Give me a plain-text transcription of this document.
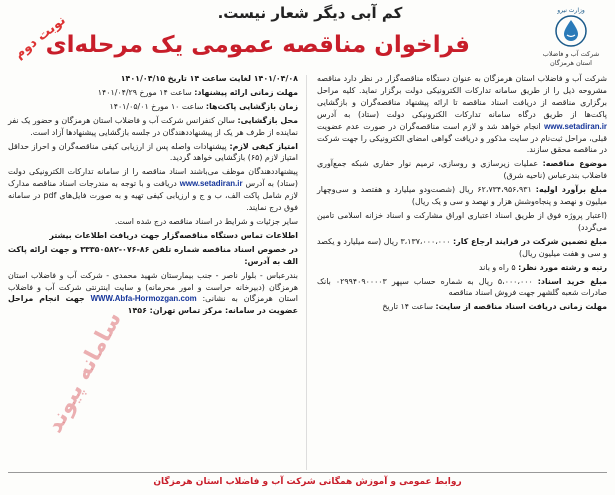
کم آبی دیگر شعار نیست.	وزارت نیرو
شرکت آب و فاضلاب استان هرمزگان
نوبت دوم
فراخوان مناقصه عمومی یک مرحله‌ای

شرکت آب و فاضلاب استان هرمزگان به عنوان دستگاه مناقصه‌گزار در نظر دارد مناقصه مشروحه ذیل را از طریق سامانه تدارکات الکترونیکی دولت برگزار نماید. کلیه مراحل برگزاری مناقصه از دریافت اسناد مناقصه تا ارائه پیشنهاد مناقصه‌گران و بازگشایی پاکت‌ها از طریق درگاه سامانه تدارکات الکترونیکی دولت (ستاد) به آدرس www.setadiran.ir انجام خواهد شد و لازم است مناقصه‌گران در صورت عدم عضویت قبلی، مراحل ثبت‌نام در سایت مذکور و دریافت گواهی امضای الکترونیکی را جهت شرکت در مناقصه محقق سازند.

موضوع مناقصه: عملیات زیرسازی و روسازی، ترمیم نوار حفاری شبکه جمع‌آوری فاضلاب بندرعباس (ناحیه شرق)

مبلغ برآورد اولیه: ۶۲،۷۳۴،۹۵۶،۹۳۱ ریال (شصت‌ودو میلیارد و هفتصد و سی‌وچهار میلیون و نهصد و پنجاه‌وشش هزار و نهصد و سی و یک ریال)

(اعتبار پروژه فوق از طریق اسناد اعتباری اوراق مشارکت و اسناد خزانه اسلامی تامین می‌گردد)

مبلغ تضمین شرکت در فرایند ارجاع کار: ۳،۱۳۷،۰۰۰،۰۰۰ ریال (سه میلیارد و یکصد و سی و هفت میلیون ریال)

رتبه و رشته مورد نظر: ۵ راه و باند

مبلغ خرید اسناد: ۵،۰۰۰،۰۰۰ ریال به شماره حساب سپهر ۰۲۹۹۴۰۹۰۰۰۰۳ بانک صادرات شعبه گلشهر جهت فروش اسناد مناقصه

مهلت زمانی دریافت اسناد مناقصه از سایت: ساعت ۱۴ تاریخ

۱۴۰۱/۰۴/۰۸ لغایت ساعت ۱۴ تاریخ ۱۴۰۱/۰۴/۱۵

مهلت زمانی ارائه پیشنهاد: ساعت ۱۴ مورخ ۱۴۰۱/۰۴/۲۹

زمان بازگشایی پاکت‌ها: ساعت ۱۰ مورخ ۱۴۰۱/۰۵/۰۱

محل بازگشایی: سالن کنفرانس شرکت آب و فاضلاب استان هرمزگان و حضور یک نفر نماینده از طرف هر یک از پیشنهاددهندگان در جلسه بازگشایی پیشنهادها آزاد است.

امتیاز کیفی لازم: پیشنهادات واصله پس از ارزیابی کیفی مناقصه‌گران و احراز حداقل امتیاز لازم (۶۵) بازگشایی خواهد گردید.

پیشنهاددهندگان موظف می‌باشند اسناد مناقصه را از سامانه تدارکات الکترونیکی دولت (ستاد) به آدرس www.setadiran.ir دریافت و با توجه به مندرجات اسناد مناقصه مدارک لازم شامل پاکت الف، ب و ج و ارزیابی کیفی تهیه و به صورت فایل‌های pdf در سامانه فوق درج نمایند.

سایر جزئیات و شرایط در اسناد مناقصه درج شده است.

اطلاعات تماس دستگاه مناقصه‌گزار جهت دریافت اطلاعات بیشتر

در خصوص اسناد مناقصه شماره تلفن ۸۶-۰۷۶-۳۳۳۵۰۵۸۲ و جهت ارائه پاکت الف به آدرس:

بندرعباس - بلوار ناصر - جنب بیمارستان شهید محمدی - شرکت آب و فاضلاب استان هرمزگان (دبیرخانه حراست و امور محرمانه) و سایت اینترنتی شرکت آب و فاضلاب استان هرمزگان به نشانی: WWW.Abfa-Hormozgan.com جهت انجام مراحل عضویت در سامانه: مرکز تماس تهران: ۱۴۵۶

سامانه پیوند
روابط عمومی و آموزش همگانی شرکت آب و فاضلاب استان هرمزگان
